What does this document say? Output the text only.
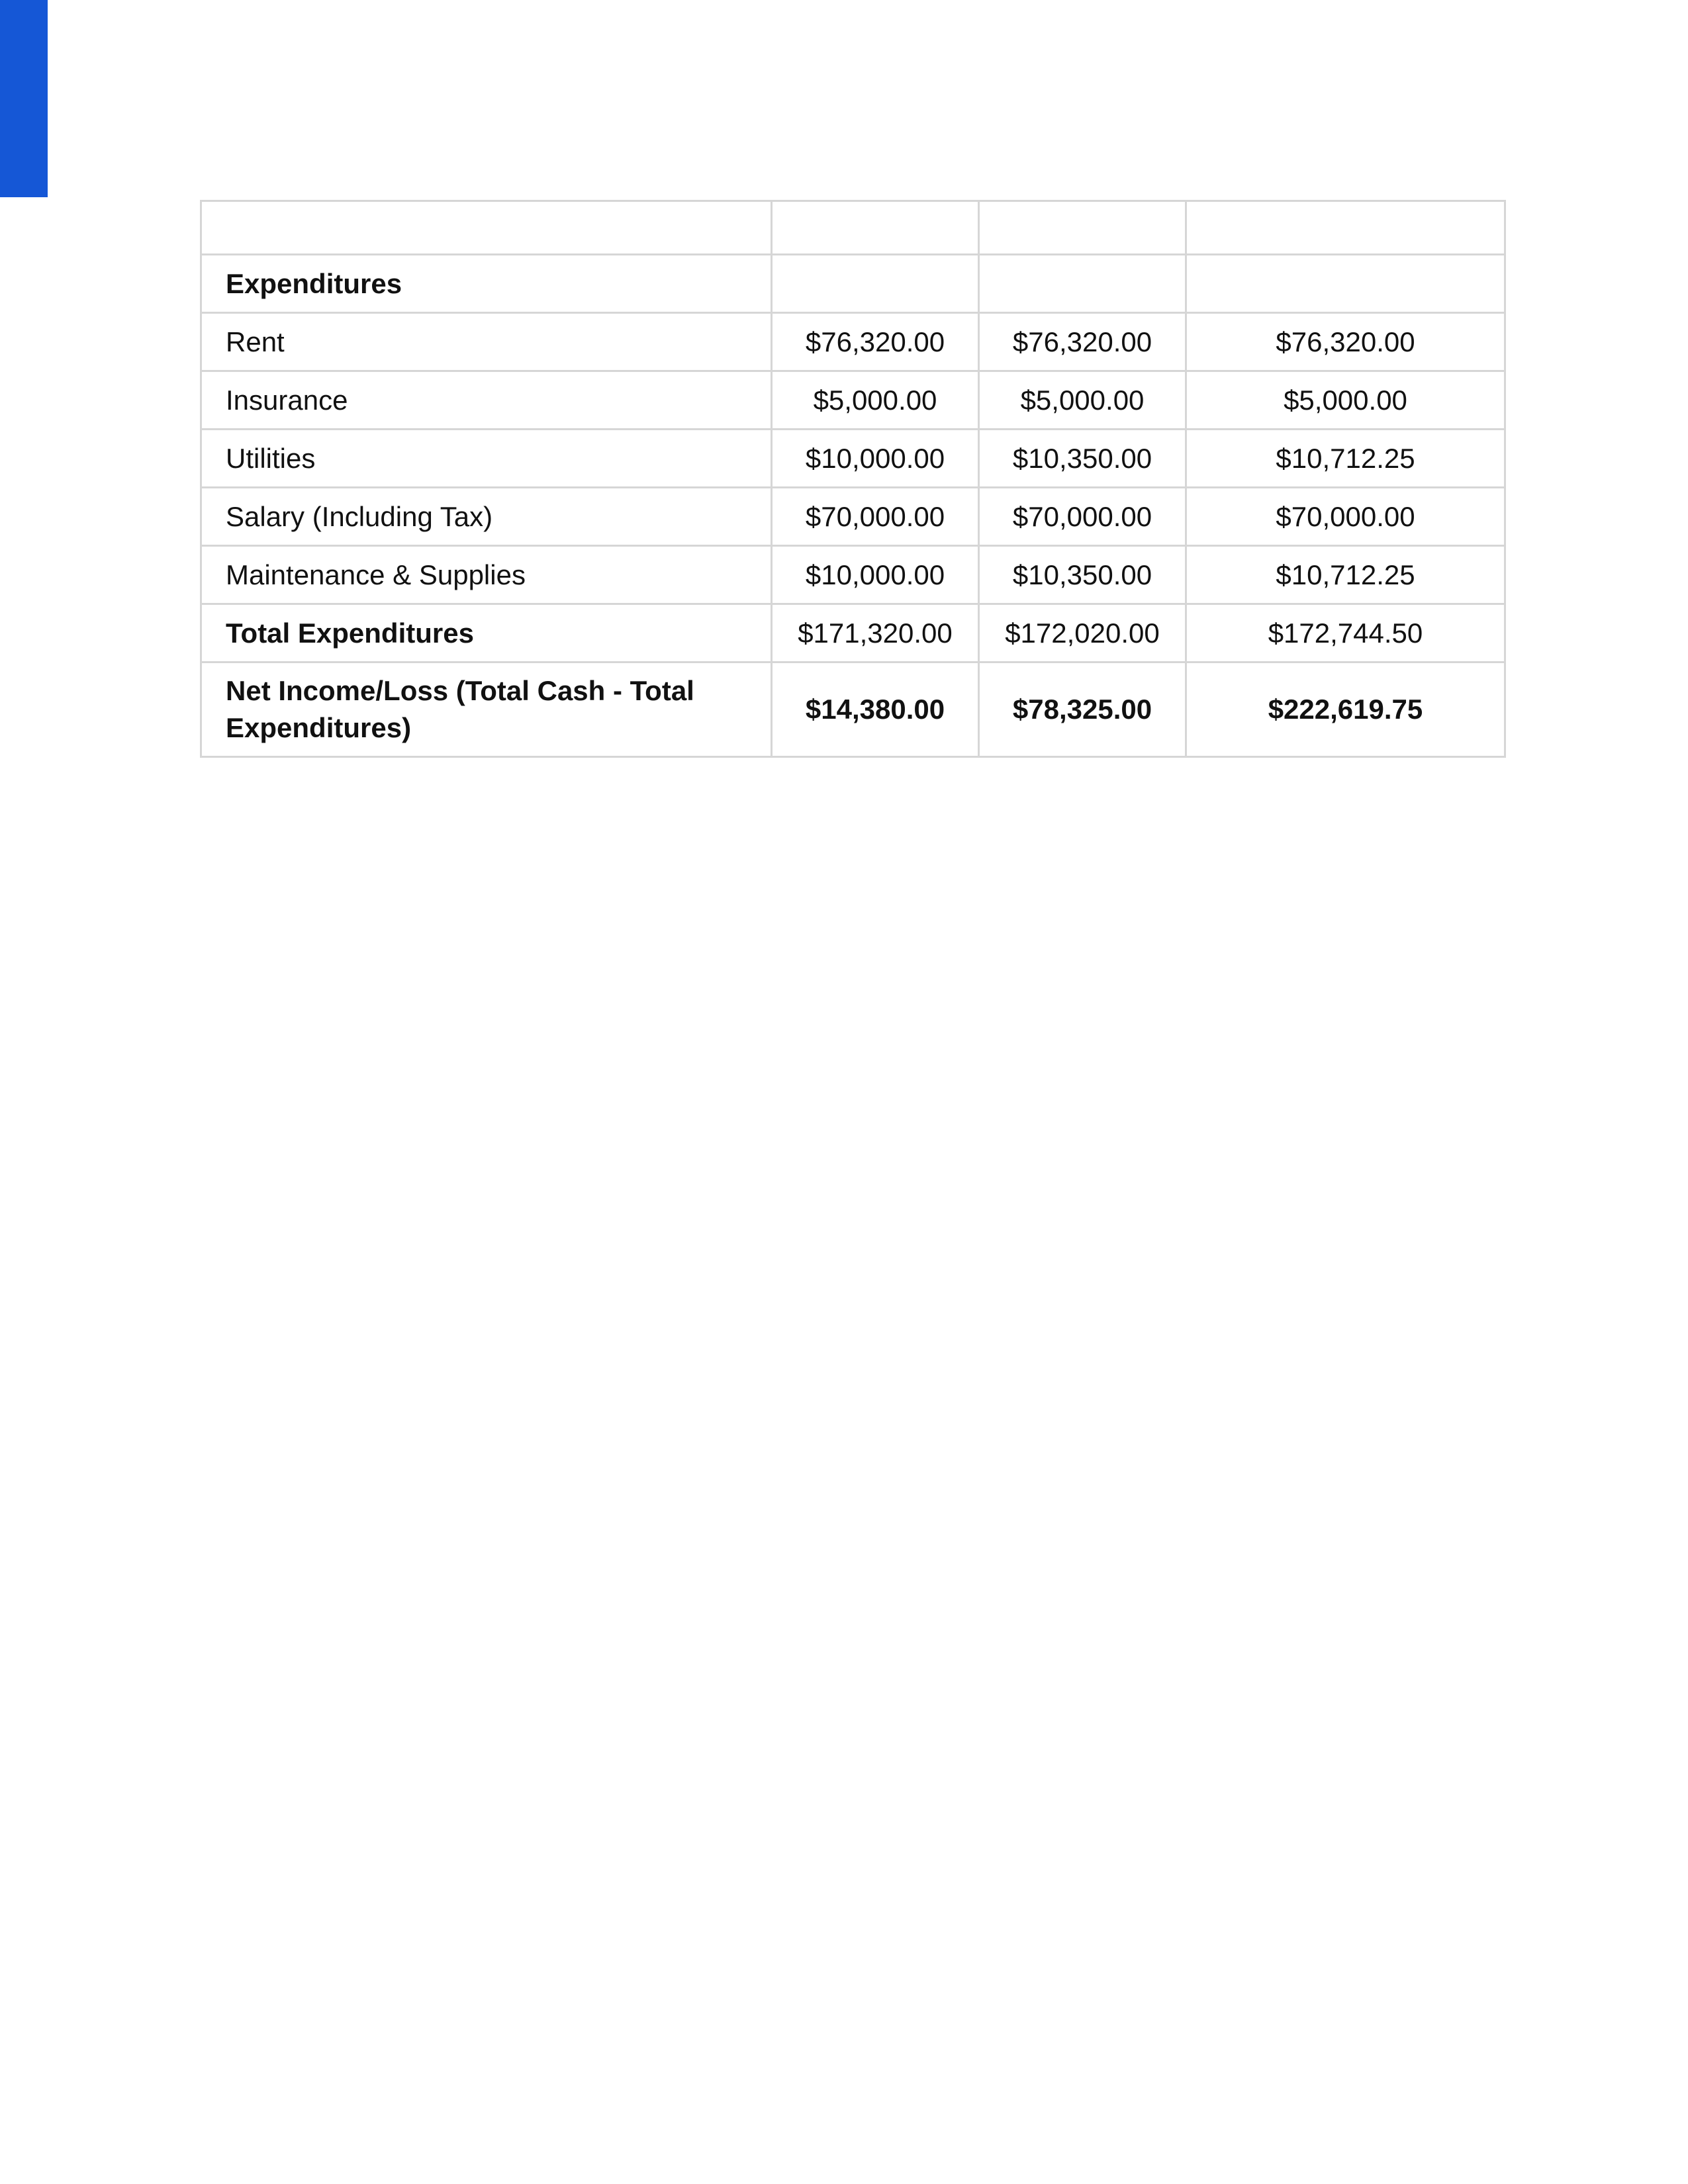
Expenditures			
Rent	$76,320.00	$76,320.00	$76,320.00
Insurance	$5,000.00	$5,000.00	$5,000.00
Utilities	$10,000.00	$10,350.00	$10,712.25
Salary (Including Tax)	$70,000.00	$70,000.00	$70,000.00
Maintenance & Supplies	$10,000.00	$10,350.00	$10,712.25
Total Expenditures	$171,320.00	$172,020.00	$172,744.50
Net Income/Loss (Total Cash - Total Expenditures)	$14,380.00	$78,325.00	$222,619.75
